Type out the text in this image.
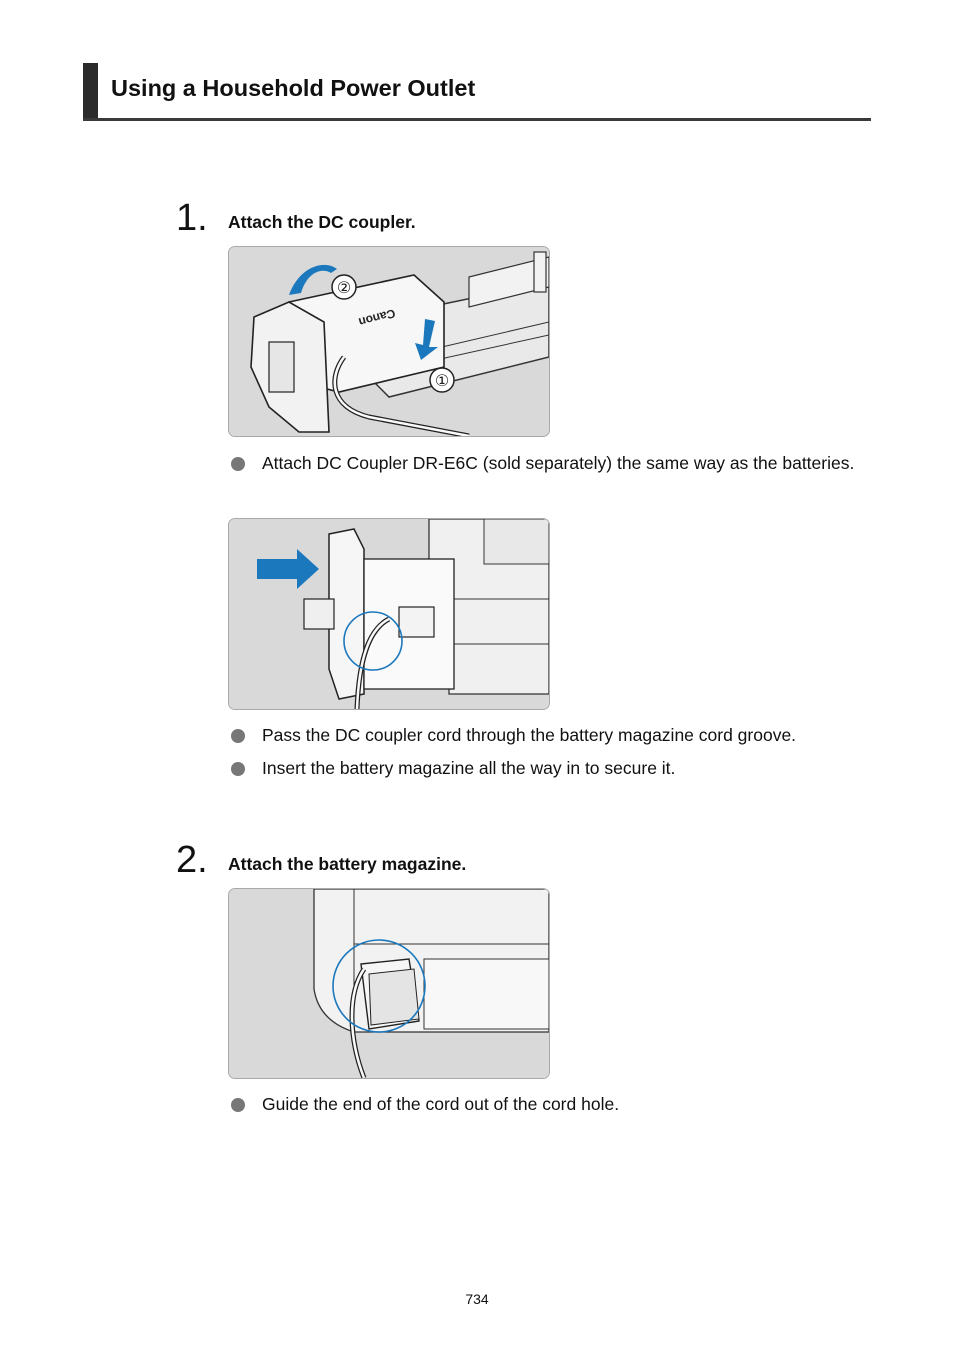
Using a Household Power Outlet
1. Attach the DC coupler.
Canon
②
①
Attach DC Coupler DR-E6C (sold separately) the same way as the batteries.
Pass the DC coupler cord through the battery magazine cord groove.
Insert the battery magazine all the way in to secure it.
2. Attach the battery magazine.
Guide the end of the cord out of the cord hole.
734
